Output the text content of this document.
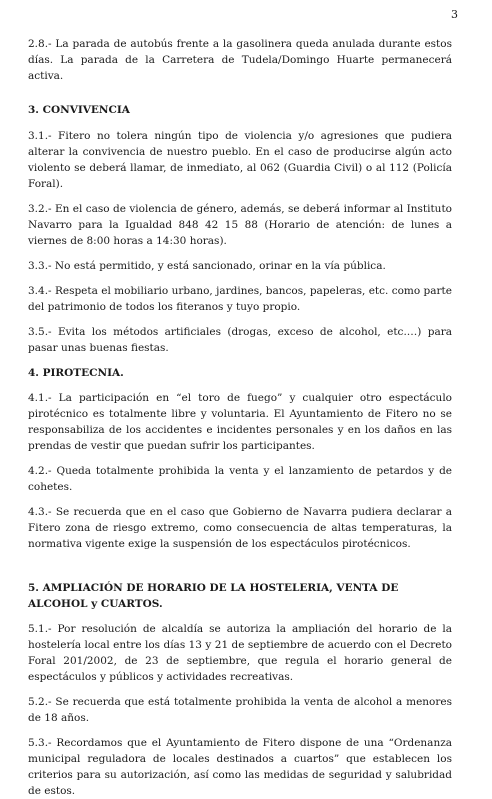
3

2.8.- La parada de autobús frente a la gasolinera queda anulada durante estos días. La parada de la Carretera de Tudela/Domingo Huarte permanecerá activa.

3. CONVIVENCIA

3.1.- Fitero no tolera ningún tipo de violencia y/o agresiones que pudiera alterar la convivencia de nuestro pueblo. En el caso de producirse algún acto violento se deberá llamar, de inmediato, al 062 (Guardia Civil) o al 112 (Policía Foral).

3.2.- En el caso de violencia de género, además, se deberá informar al Instituto Navarro para la Igualdad 848 42 15 88 (Horario de atención: de lunes a viernes de 8:00 horas a 14:30 horas).

3.3.- No está permitido, y está sancionado, orinar en la vía pública.

3.4.- Respeta el mobiliario urbano, jardines, bancos, papeleras, etc. como parte del patrimonio de todos los fiteranos y tuyo propio.

3.5.- Evita los métodos artificiales (drogas, exceso de alcohol, etc.…) para pasar unas buenas fiestas.

4. PIROTECNIA.

4.1.- La participación en “el toro de fuego” y cualquier otro espectáculo pirotécnico es totalmente libre y voluntaria. El Ayuntamiento de Fitero no se responsabiliza de los accidentes e incidentes personales y en los daños en las prendas de vestir que puedan sufrir los participantes.

4.2.- Queda totalmente prohibida la venta y el lanzamiento de petardos y de cohetes.

4.3.- Se recuerda que en el caso que Gobierno de Navarra pudiera declarar a Fitero zona de riesgo extremo, como consecuencia de altas temperaturas, la normativa vigente exige la suspensión de los espectáculos pirotécnicos.

5. AMPLIACIÓN DE HORARIO DE LA HOSTELERIA, VENTA DE ALCOHOL y CUARTOS.

5.1.- Por resolución de alcaldía se autoriza la ampliación del horario de la hostelería local entre los días 13 y 21 de septiembre de acuerdo con el Decreto Foral 201/2002, de 23 de septiembre, que regula el horario general de espectáculos y públicos y actividades recreativas.

5.2.- Se recuerda que está totalmente prohibida la venta de alcohol a menores de 18 años.

5.3.- Recordamos que el Ayuntamiento de Fitero dispone de una “Ordenanza municipal reguladora de locales destinados a cuartos” que establecen los criterios para su autorización, así como las medidas de seguridad y salubridad de estos.
